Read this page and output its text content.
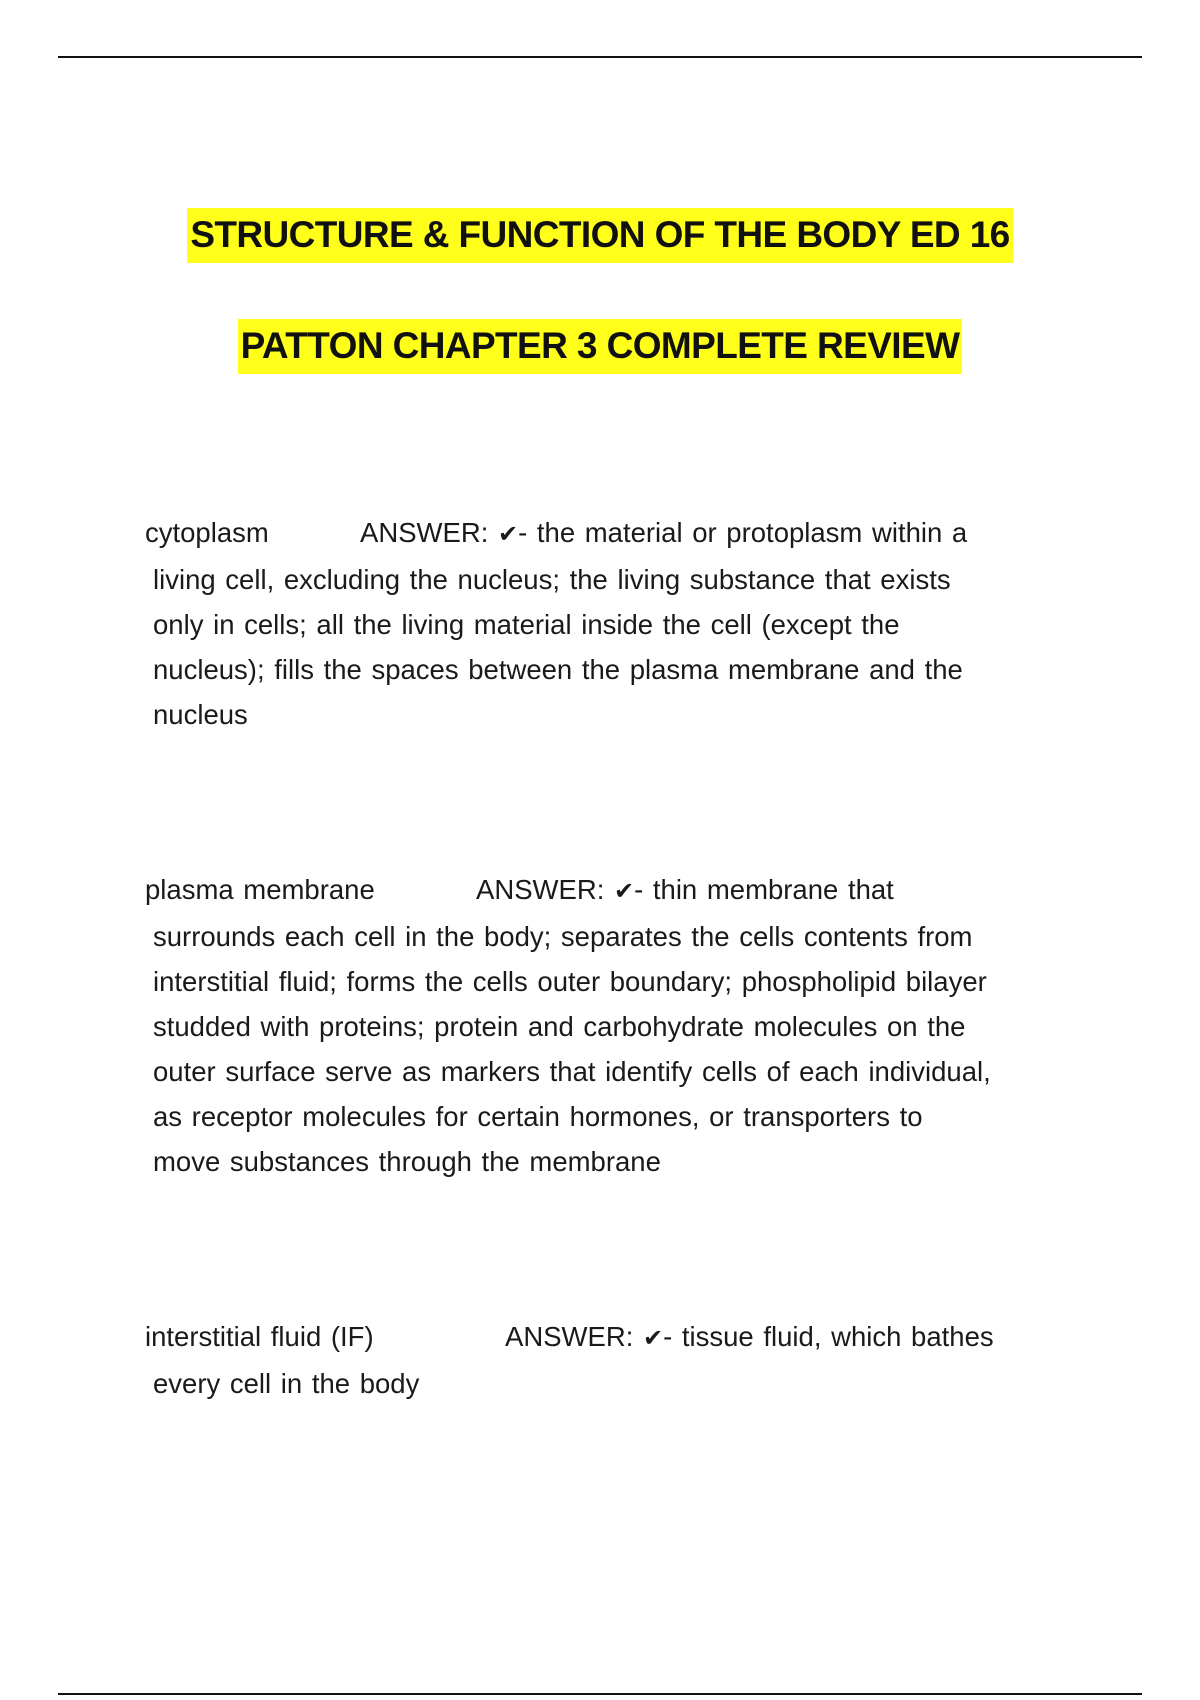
STRUCTURE & FUNCTION OF THE BODY ED 16

PATTON CHAPTER 3 COMPLETE REVIEW

cytoplasm	ANSWER: ✔- the material or protoplasm within a
living cell, excluding the nucleus; the living substance that exists
only in cells; all the living material inside the cell (except the
nucleus); fills the spaces between the plasma membrane and the
nucleus
plasma membrane	ANSWER: ✔- thin membrane that
surrounds each cell in the body; separates the cells contents from
interstitial fluid; forms the cells outer boundary; phospholipid bilayer
studded with proteins; protein and carbohydrate molecules on the
outer surface serve as markers that identify cells of each individual,
as receptor molecules for certain hormones, or transporters to
move substances through the membrane
interstitial fluid (IF)	ANSWER: ✔- tissue fluid, which bathes
every cell in the body
